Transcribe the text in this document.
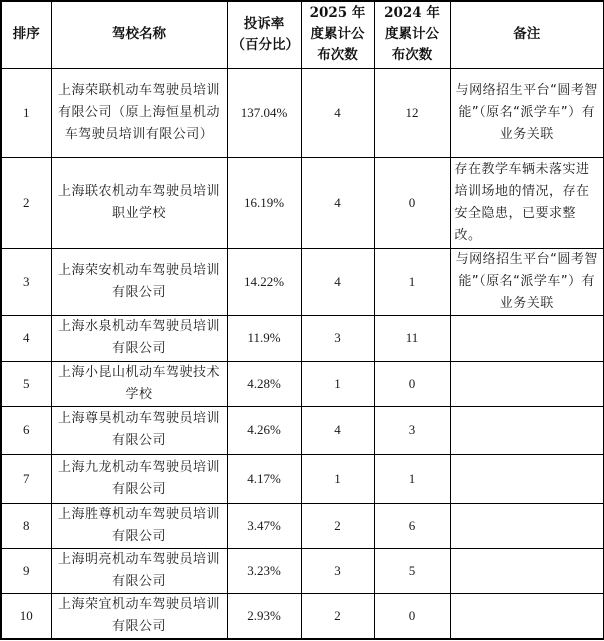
排序	驾校名称	投诉率（百分比）	2025 年度累计公布次数	2024 年度累计公布次数	备注
1	上海荣联机动车驾驶员培训有限公司（原上海恒星机动车驾驶员培训有限公司）	137.04%	4	12	与网络招生平台“圆考智能”（原名“派学车”）有业务关联
2	上海联农机动车驾驶员培训职业学校	16.19%	4	0	存在教学车辆未落实进培训场地的情况，存在安全隐患，已要求整改。
3	上海荣安机动车驾驶员培训有限公司	14.22%	4	1	与网络招生平台“圆考智能”（原名“派学车”）有业务关联
4	上海水泉机动车驾驶员培训有限公司	11.9%	3	11	
5	上海小昆山机动车驾驶技术学校	4.28%	1	0	
6	上海尊昊机动车驾驶员培训有限公司	4.26%	4	3	
7	上海九龙机动车驾驶员培训有限公司	4.17%	1	1	
8	上海胜尊机动车驾驶员培训有限公司	3.47%	2	6	
9	上海明亮机动车驾驶员培训有限公司	3.23%	3	5	
10	上海荣宜机动车驾驶员培训有限公司	2.93%	2	0	
